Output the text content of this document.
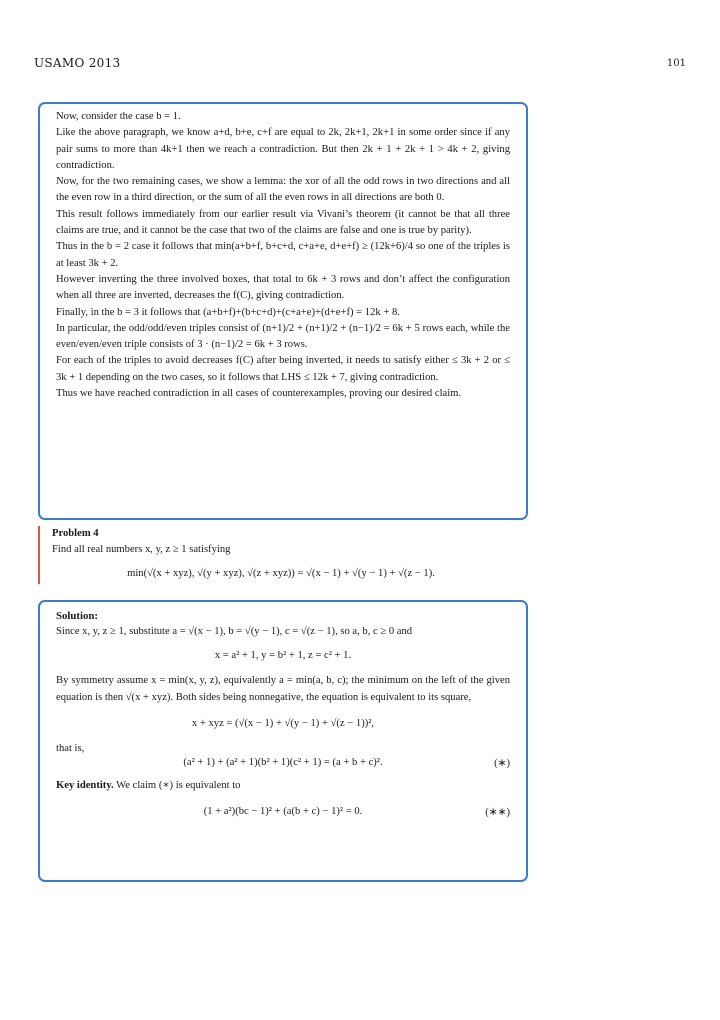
USAMO 2013	101

Now, consider the case b = 1.

Like the above paragraph, we know a+d, b+e, c+f are equal to 2k, 2k+1, 2k+1 in some order since if any pair sums to more than 4k+1 then we reach a contradiction. But then 2k + 1 + 2k + 1 > 4k + 2, giving contradiction.

Now, for the two remaining cases, we show a lemma: the xor of all the odd rows in two directions and all the even row in a third direction, or the sum of all the even rows in all directions are both 0.

This result follows immediately from our earlier result via Vivani’s theorem (it cannot be that all three claims are true, and it cannot be the case that two of the claims are false and one is true by parity).

Thus in the b = 2 case it follows that min(a+b+f, b+c+d, c+a+e, d+e+f) ≥ (12k+6)/4 so one of the triples is at least 3k + 2.

However inverting the three involved boxes, that total to 6k + 3 rows and don’t affect the configuration when all three are inverted, decreases the f(C), giving contradiction.

Finally, in the b = 3 it follows that (a+b+f)+(b+c+d)+(c+a+e)+(d+e+f) = 12k + 8.

In particular, the odd/odd/even triples consist of (n+1)/2 + (n+1)/2 + (n−1)/2 = 6k + 5 rows each, while the even/even/even triple consists of 3 · (n−1)/2 = 6k + 3 rows.

For each of the triples to avoid decreases f(C) after being inverted, it needs to satisfy either ≤ 3k + 2 or ≤ 3k + 1 depending on the two cases, so it follows that LHS ≤ 12k + 7, giving contradiction.

Thus we have reached contradiction in all cases of counterexamples, proving our desired claim.

Problem 4
Find all real numbers x, y, z ≥ 1 satisfying
min(√(x + xyz), √(y + xyz), √(z + xyz)) = √(x − 1) + √(y − 1) + √(z − 1).
Solution:

Since x, y, z ≥ 1, substitute a = √(x − 1), b = √(y − 1), c = √(z − 1), so a, b, c ≥ 0 and

x = a² + 1, y = b² + 1, z = c² + 1.

By symmetry assume x = min(x, y, z), equivalently a = min(a, b, c); the minimum on the left of the given equation is then √(x + xyz). Both sides being nonnegative, the equation is equivalent to its square,

x + xyz = (√(x − 1) + √(y − 1) + √(z − 1))²,

that is,

(a² + 1) + (a² + 1)(b² + 1)(c² + 1) = (a + b + c)².	(∗)

Key identity. We claim (∗) is equivalent to

(1 + a²)(bc − 1)² + (a(b + c) − 1)² = 0.	(∗∗)
